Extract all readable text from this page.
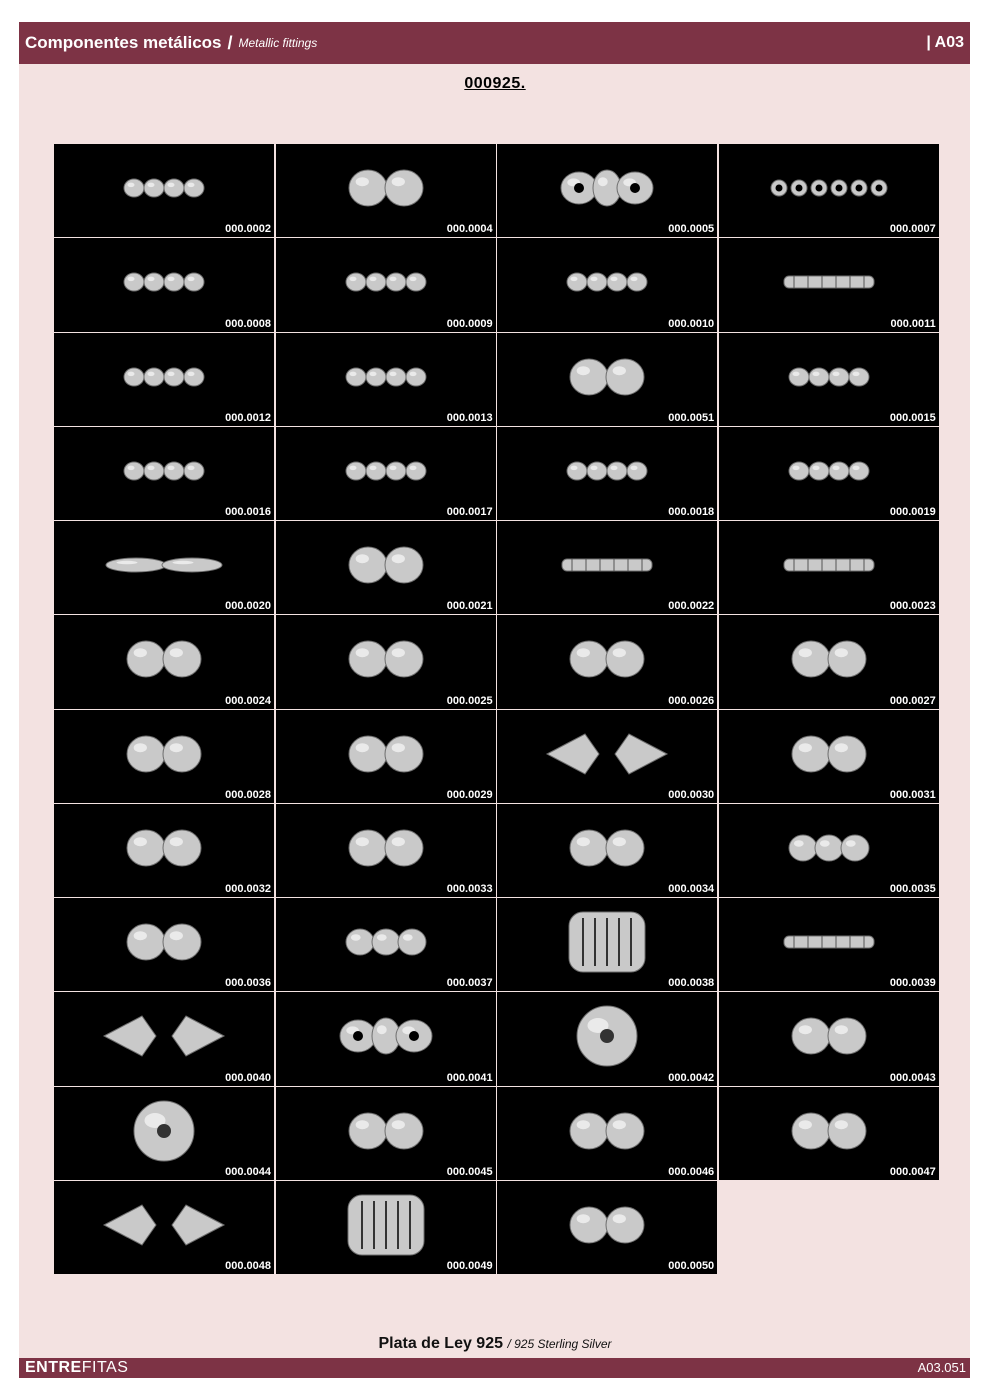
Componentes metálicos / Metallic fittings	| A03
000925.
000.0002	000.0004	000.0005	000.0007
000.0008	000.0009	000.0010	000.0011
000.0012	000.0013	000.0051	000.0015
000.0016	000.0017	000.0018	000.0019
000.0020	000.0021	000.0022	000.0023
000.0024	000.0025	000.0026	000.0027
000.0028	000.0029	000.0030	000.0031
000.0032	000.0033	000.0034	000.0035
000.0036	000.0037	000.0038	000.0039
000.0040	000.0041	000.0042	000.0043
000.0044	000.0045	000.0046	000.0047
000.0048	000.0049	000.0050
Plata de Ley 925 / 925 Sterling Silver
ENTREFITAS	A03.051
